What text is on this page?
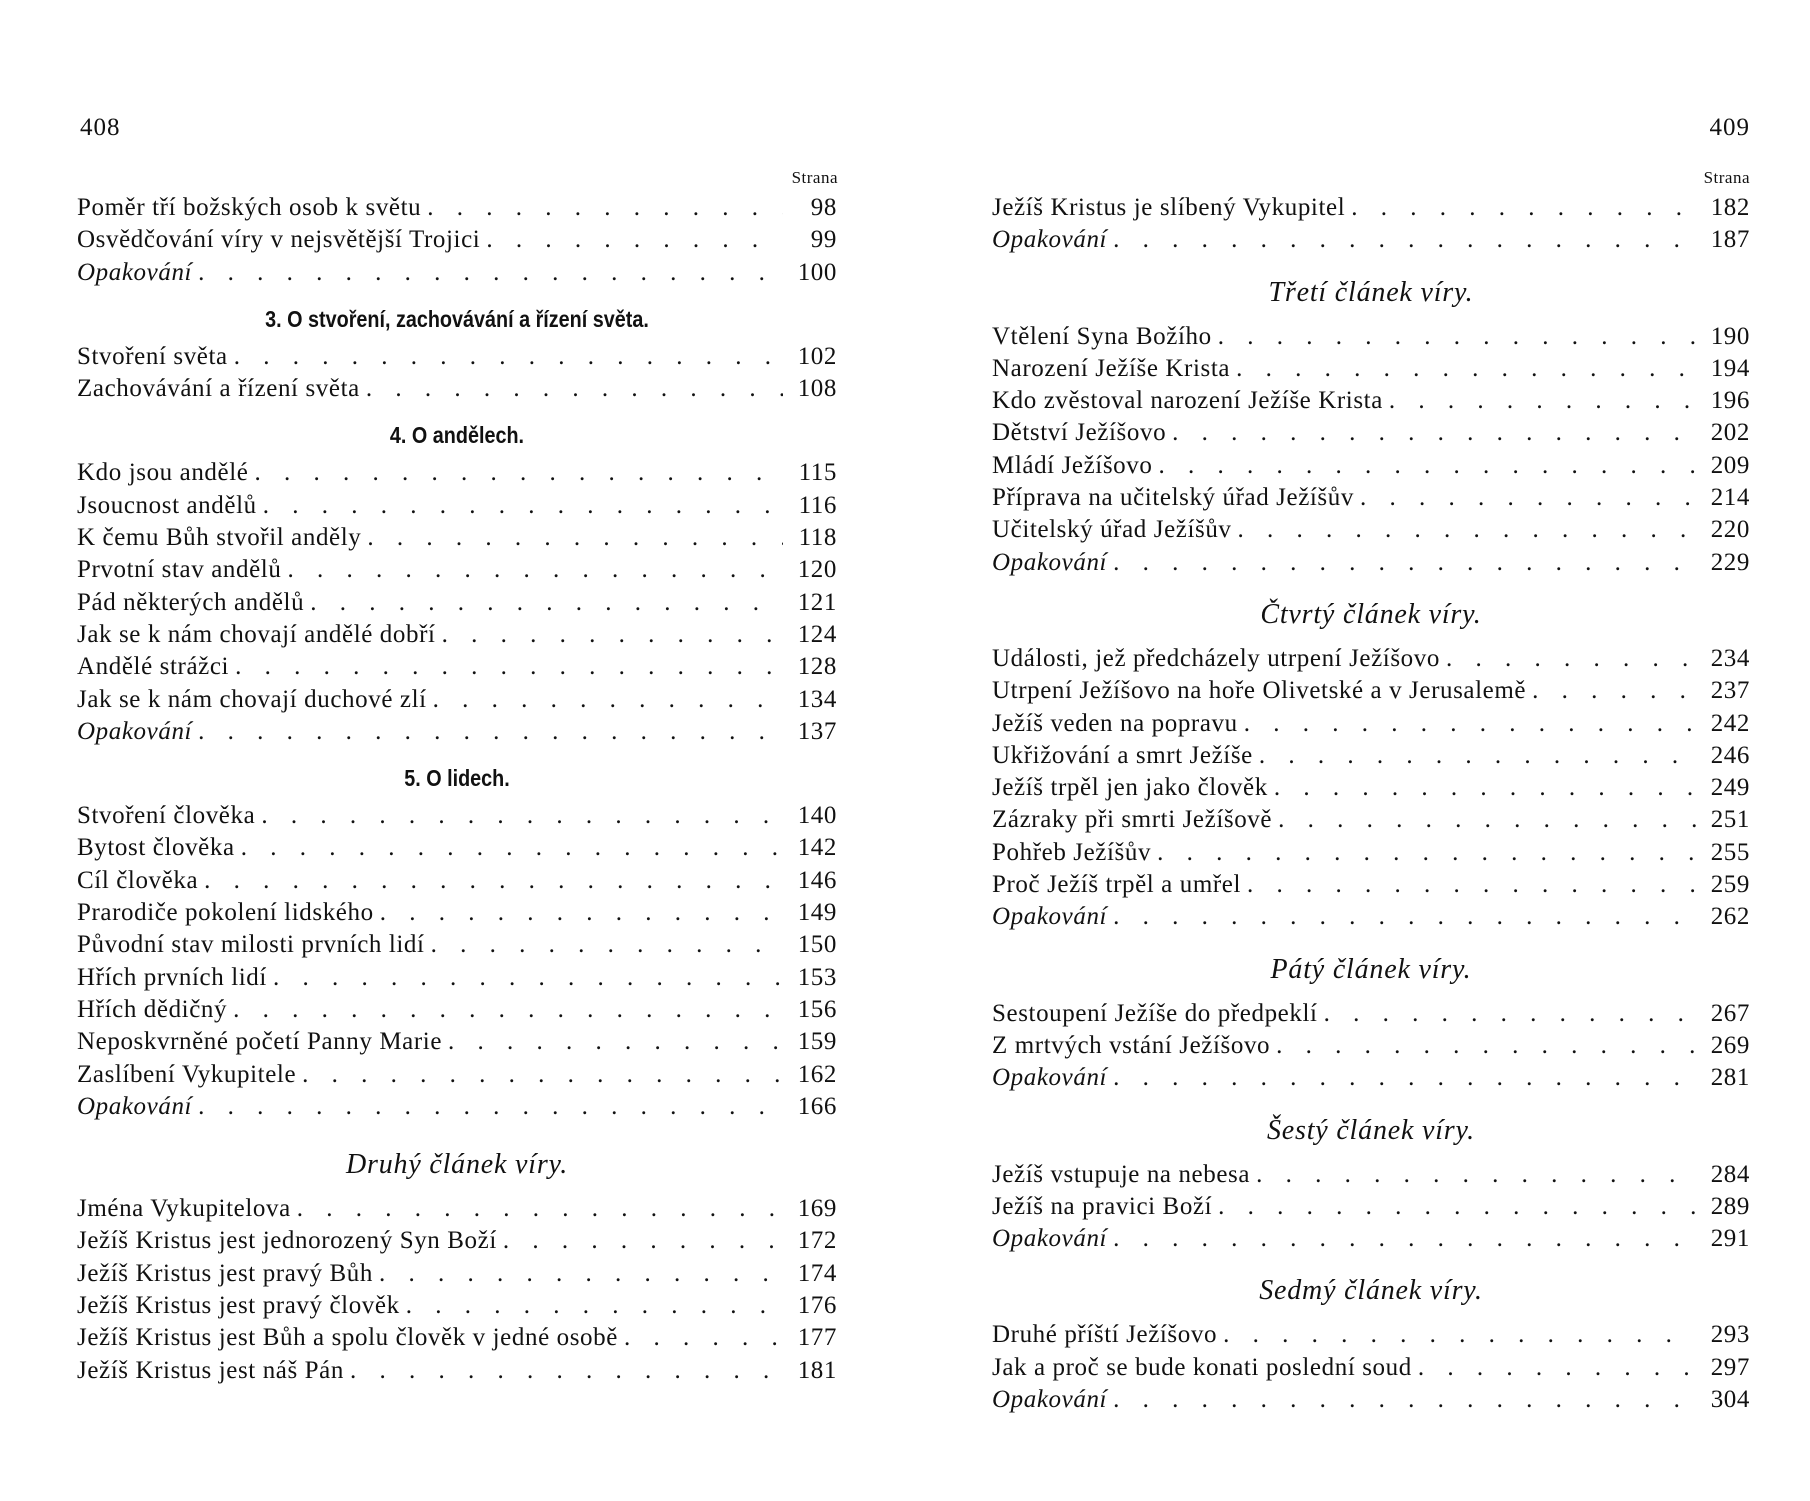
408
Strana
Poměr tří božských osob k světu . . .	98
Osvědčování víry v nejsvětější Trojici . . .	99
Opakování . . .	100
3. O stvoření, zachovávání a řízení světa.
Stvoření světa . . .	102
Zachovávání a řízení světa . . .	108
4. O andělech.
Kdo jsou andělé . . .	115
Jsoucnost andělů . . .	116
K čemu Bůh stvořil anděly . . .	118
Prvotní stav andělů . . .	120
Pád některých andělů . . .	121
Jak se k nám chovají andělé dobří . . .	124
Andělé strážci . . .	128
Jak se k nám chovají duchové zlí . . .	134
Opakování . . .	137
5. O lidech.
Stvoření člověka . . .	140
Bytost člověka . . .	142
Cíl člověka . . .	146
Prarodiče pokolení lidského . . .	149
Původní stav milosti prvních lidí . . .	150
Hřích prvních lidí . . .	153
Hřích dědičný . . .	156
Neposkvrněné početí Panny Marie . . .	159
Zaslíbení Vykupitele . . .	162
Opakování . . .	166
Druhý článek víry.
Jména Vykupitelova . . .	169
Ježíš Kristus jest jednorozený Syn Boží . . .	172
Ježíš Kristus jest pravý Bůh . . .	174
Ježíš Kristus jest pravý člověk . . .	176
Ježíš Kristus jest Bůh a spolu člověk v jedné osobě . . .	177
Ježíš Kristus jest náš Pán . . .	181
409
Strana
Ježíš Kristus je slíbený Vykupitel . . .	182
Opakování . . .	187
Třetí článek víry.
Vtělení Syna Božího . . .	190
Narození Ježíše Krista . . .	194
Kdo zvěstoval narození Ježíše Krista . . .	196
Dětství Ježíšovo . . .	202
Mládí Ježíšovo . . .	209
Příprava na učitelský úřad Ježíšův . . .	214
Učitelský úřad Ježíšův . . .	220
Opakování . . .	229
Čtvrtý článek víry.
Události, jež předcházely utrpení Ježíšovo . . .	234
Utrpení Ježíšovo na hoře Olivetské a v Jerusalemě . . .	237
Ježíš veden na popravu . . .	242
Ukřižování a smrt Ježíše . . .	246
Ježíš trpěl jen jako člověk . . .	249
Zázraky při smrti Ježíšově . . .	251
Pohřeb Ježíšův . . .	255
Proč Ježíš trpěl a umřel . . .	259
Opakování . . .	262
Pátý článek víry.
Sestoupení Ježíše do předpeklí . . .	267
Z mrtvých vstání Ježíšovo . . .	269
Opakování . . .	281
Šestý článek víry.
Ježíš vstupuje na nebesa . . .	284
Ježíš na pravici Boží . . .	289
Opakování . . .	291
Sedmý článek víry.
Druhé příští Ježíšovo . . .	293
Jak a proč se bude konati poslední soud . . .	297
Opakování . . .	304
